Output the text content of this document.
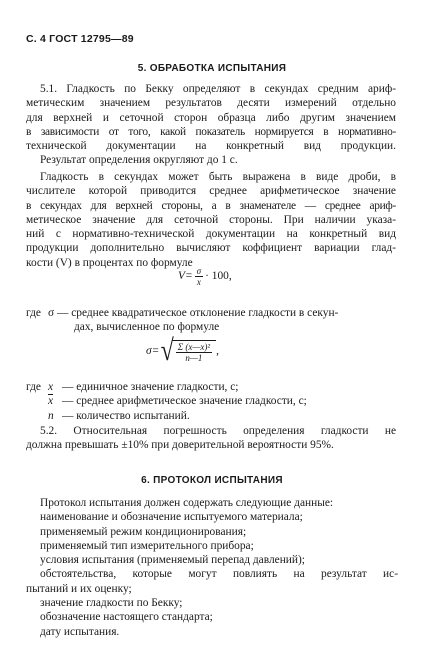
С. 4 ГОСТ 12795—89
5. ОБРАБОТКА ИСПЫТАНИЯ
5.1. Гладкость по Бекку определяют в секундах средним ариф-
метическим значением результатов десяти измерений отдельно
для верхней и сеточной сторон образца либо другим значением
в зависимости от того, какой показатель нормируется в нормативно-
технической документации на конкретный вид продукции.
Результат определения округляют до 1 с.
Гладкость в секундах может быть выражена в виде дроби, в
числителе которой приводится среднее арифметическое значение
в секундах для верхней стороны, а в знаменателе — среднее ариф-
метическое значение для сеточной стороны. При наличии указа-
ний с нормативно-технической документации на конкретный вид
продукции дополнительно вычисляют коффициент вариации глад-
кости (V) в процентах по формуле
$V= \frac{\sigma}{x} \cdot 100$,
где σ — среднее квадратическое отклонение гладкости в секун-
дах, вычисленное по формуле
$\sigma=√ \frac{\text{Σ (x—x)²}}{n—1}$ ,
где x — единичное значение гладкости, с;
$\overline{x}$ — среднее арифметическое значение гладкости, с;
n — количество испытаний.
5.2. Относительная погрешность определения гладкости не
должна превышать ±10% при доверительной вероятности 95%.
6. ПРОТОКОЛ ИСПЫТАНИЯ
Протокол испытания должен содержать следующие данные:
наименование и обозначение испытуемого материала;
применяемый режим кондиционирования;
применяемый тип измерительного прибора;
условия испытания (применяемый перепад давлений);
обстоятельства, которые могут повлиять на результат ис-
пытаний и их оценку;
значение гладкости по Бекку;
обозначение настоящего стандарта;
дату испытания.
